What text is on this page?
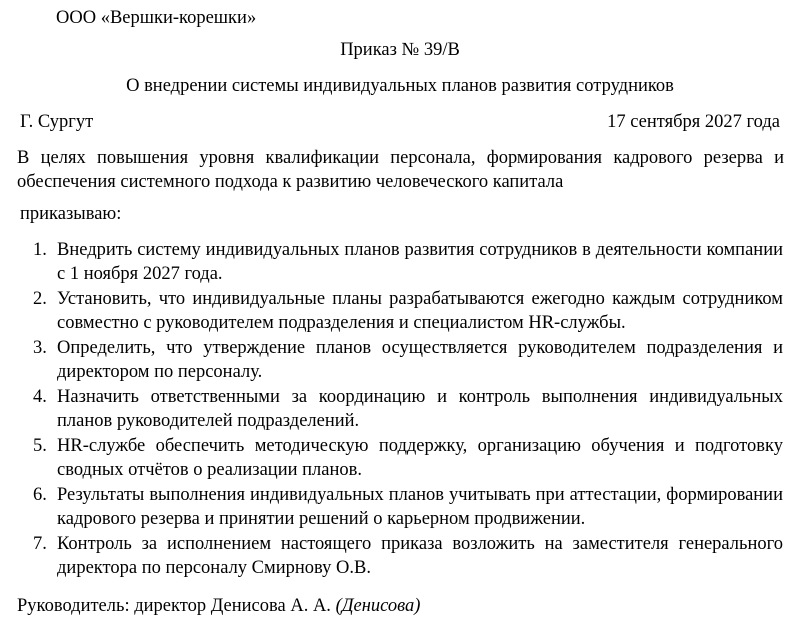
ООО «Вершки-корешки»
Приказ № 39/В
О внедрении системы индивидуальных планов развития сотрудников
Г. Сургут	17 сентября 2027 года
В целях повышения уровня квалификации персонала, формирования кадрового резерва и обеспечения системного подхода к развитию человеческого капитала
приказываю:
1. Внедрить систему индивидуальных планов развития сотрудников в деятельности компании с 1 ноября 2027 года.
2. Установить, что индивидуальные планы разрабатываются ежегодно каждым сотрудником совместно с руководителем подразделения и специалистом HR-службы.
3. Определить, что утверждение планов осуществляется руководителем подразделения и директором по персоналу.
4. Назначить ответственными за координацию и контроль выполнения индивидуальных планов руководителей подразделений.
5. HR-службе обеспечить методическую поддержку, организацию обучения и подготовку сводных отчётов о реализации планов.
6. Результаты выполнения индивидуальных планов учитывать при аттестации, формировании кадрового резерва и принятии решений о карьерном продвижении.
7. Контроль за исполнением настоящего приказа возложить на заместителя генерального директора по персоналу Смирнову О.В.
Руководитель: директор Денисова А. А. (Денисова)
